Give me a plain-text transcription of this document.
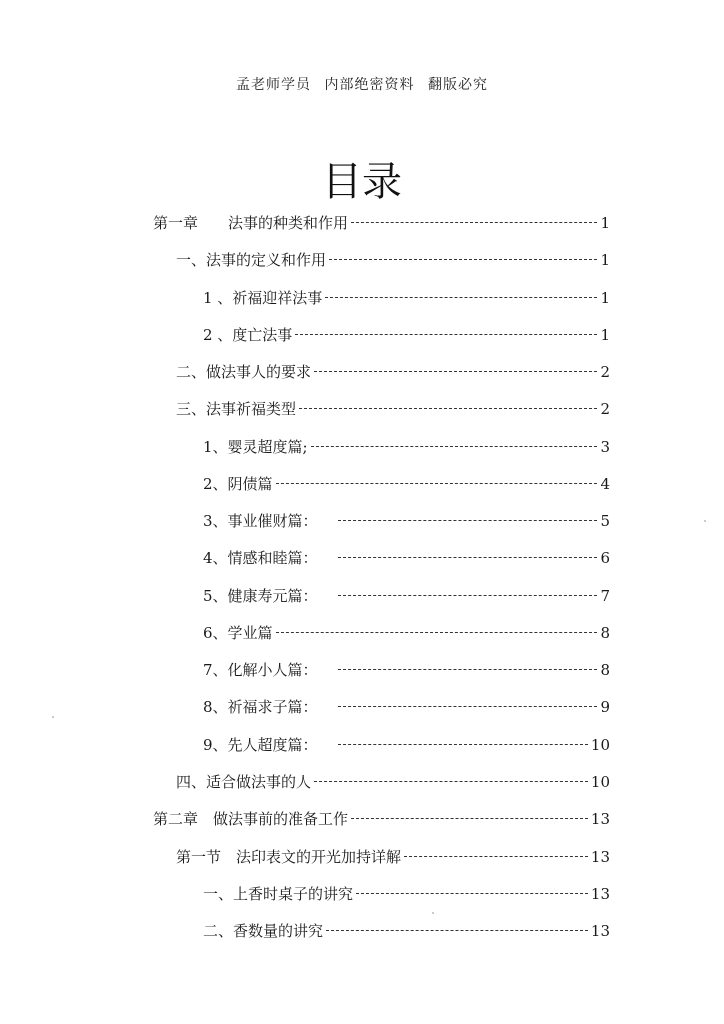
孟老师学员 内部绝密资料 翻版必究
目录
第一章　　法事的种类和作用	1
一、法事的定义和作用	1
1 、祈福迎祥法事	1
2 、度亡法事	1
二、做法事人的要求	2
三、法事祈福类型	2
1、婴灵超度篇;	3
2、阴债篇	4
3、事业催财篇：	5
4、情感和睦篇：	6
5、健康寿元篇：	7
6、学业篇	8
7、化解小人篇：	8
8、祈福求子篇：	9
9、先人超度篇：	10
四、适合做法事的人	10
第二章　做法事前的准备工作	13
第一节　法印表文的开光加持详解	13
一、上香时桌子的讲究	13
二、香数量的讲究	13
